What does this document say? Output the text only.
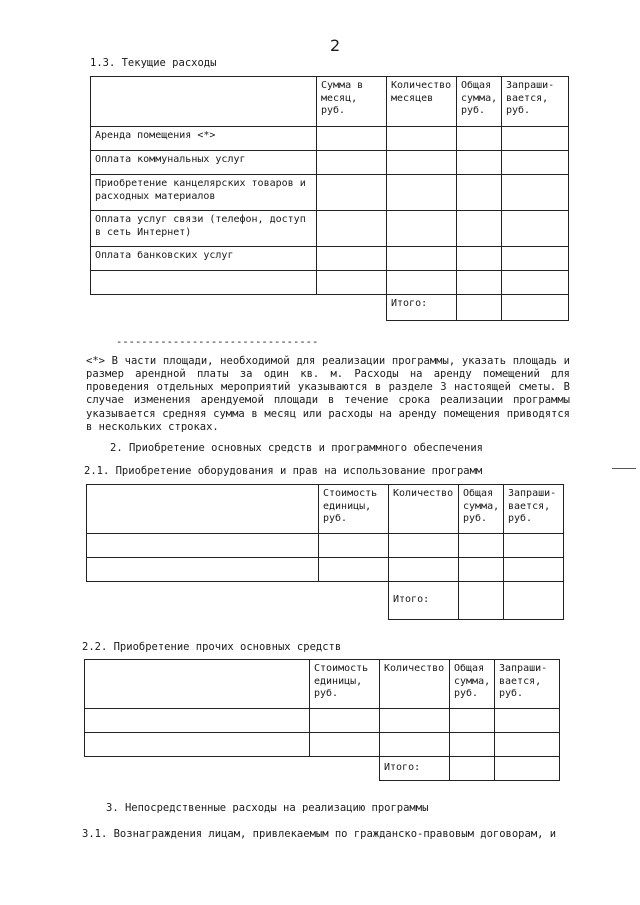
2
1.3. Текущие расходы
	Сумма в месяц, руб.	Количество месяцев	Общая сумма, руб.	Запраши-вается, руб.
Аренда помещения <*>				
Оплата коммунальных услуг				
Приобретение канцелярских товаров и расходных материалов				
Оплата услуг связи (телефон, доступ в сеть Интернет)				
Оплата банковских услуг				

		Итого:		
--------------------------------
<*> В части площади, необходимой для реализации программы, указать площадь и размер арендной платы за один кв. м. Расходы на аренду помещений для проведения отдельных мероприятий указываются в разделе 3 настоящей сметы. В случае изменения арендуемой площади в течение срока реализации программы указывается средняя сумма в месяц или расходы на аренду помещения приводятся в нескольких строках.
2. Приобретение основных средств и программного обеспечения
2.1. Приобретение оборудования и прав на использование программ

	Стоимость единицы, руб.	Количество	Общая сумма, руб.	Запраши-вается, руб.

		Итого:		
2.2. Приобретение прочих основных средств
	Стоимость единицы, руб.	Количество	Общая сумма, руб.	Запраши-вается, руб.

		Итого:		
3. Непосредственные расходы на реализацию программы
3.1. Вознаграждения лицам, привлекаемым по гражданско-правовым договорам, и
